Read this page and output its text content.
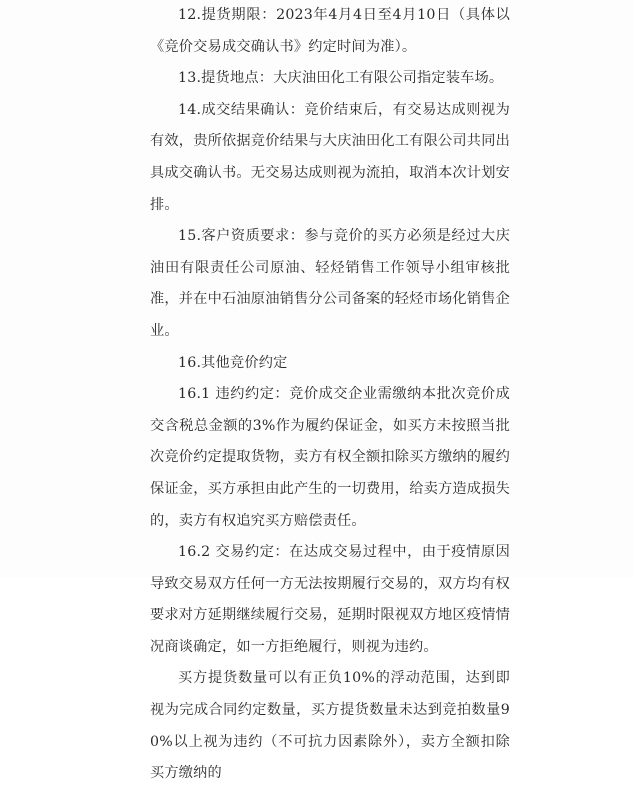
12.提货期限：2023年4月4日至4月10日（具体以《竞价交易成交确认书》约定时间为准）。

13.提货地点：大庆油田化工有限公司指定装车场。

14.成交结果确认：竞价结束后，有交易达成则视为有效，贵所依据竞价结果与大庆油田化工有限公司共同出具成交确认书。无交易达成则视为流拍，取消本次计划安排。

15.客户资质要求：参与竞价的买方必须是经过大庆油田有限责任公司原油、轻烃销售工作领导小组审核批准，并在中石油原油销售分公司备案的轻烃市场化销售企业。

16.其他竞价约定

16.1 违约约定：竞价成交企业需缴纳本批次竞价成交含税总金额的3%作为履约保证金，如买方未按照当批次竞价约定提取货物，卖方有权全额扣除买方缴纳的履约保证金，买方承担由此产生的一切费用，给卖方造成损失的，卖方有权追究买方赔偿责任。

16.2 交易约定：在达成交易过程中，由于疫情原因导致交易双方任何一方无法按期履行交易的，双方均有权要求对方延期继续履行交易，延期时限视双方地区疫情情况商谈确定，如一方拒绝履行，则视为违约。

买方提货数量可以有正负10%的浮动范围，达到即视为完成合同约定数量，买方提货数量未达到竞拍数量90%以上视为违约（不可抗力因素除外），卖方全额扣除买方缴纳的
